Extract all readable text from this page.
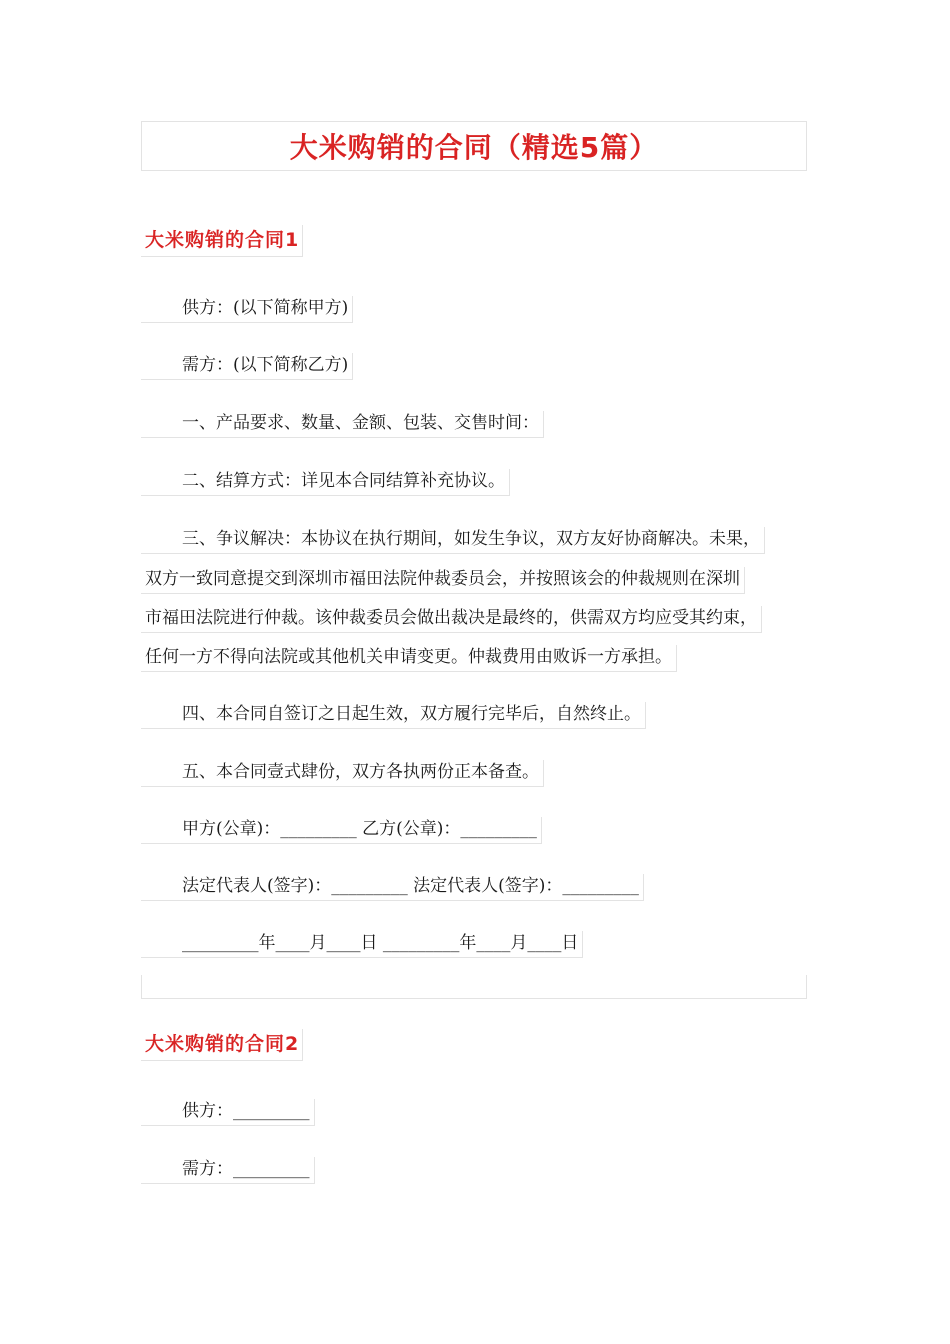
大米购销的合同（精选5篇）
大米购销的合同1
供方：(以下简称甲方)
需方：(以下简称乙方)
一、产品要求、数量、金额、包装、交售时间：
二、结算方式：详见本合同结算补充协议。
三、争议解决：本协议在执行期间，如发生争议，双方友好协商解决。未果，
双方一致同意提交到深圳市福田法院仲裁委员会，并按照该会的仲裁规则在深圳
市福田法院进行仲裁。该仲裁委员会做出裁决是最终的，供需双方均应受其约束，
任何一方不得向法院或其他机关申请变更。仲裁费用由败诉一方承担。
四、本合同自签订之日起生效，双方履行完毕后，自然终止。
五、本合同壹式肆份，双方各执两份正本备查。
甲方(公章)：_________ 乙方(公章)：_________
法定代表人(签字)：_________ 法定代表人(签字)：_________
_________年____月____日 _________年____月____日
大米购销的合同2
供方：_________
需方：_________
